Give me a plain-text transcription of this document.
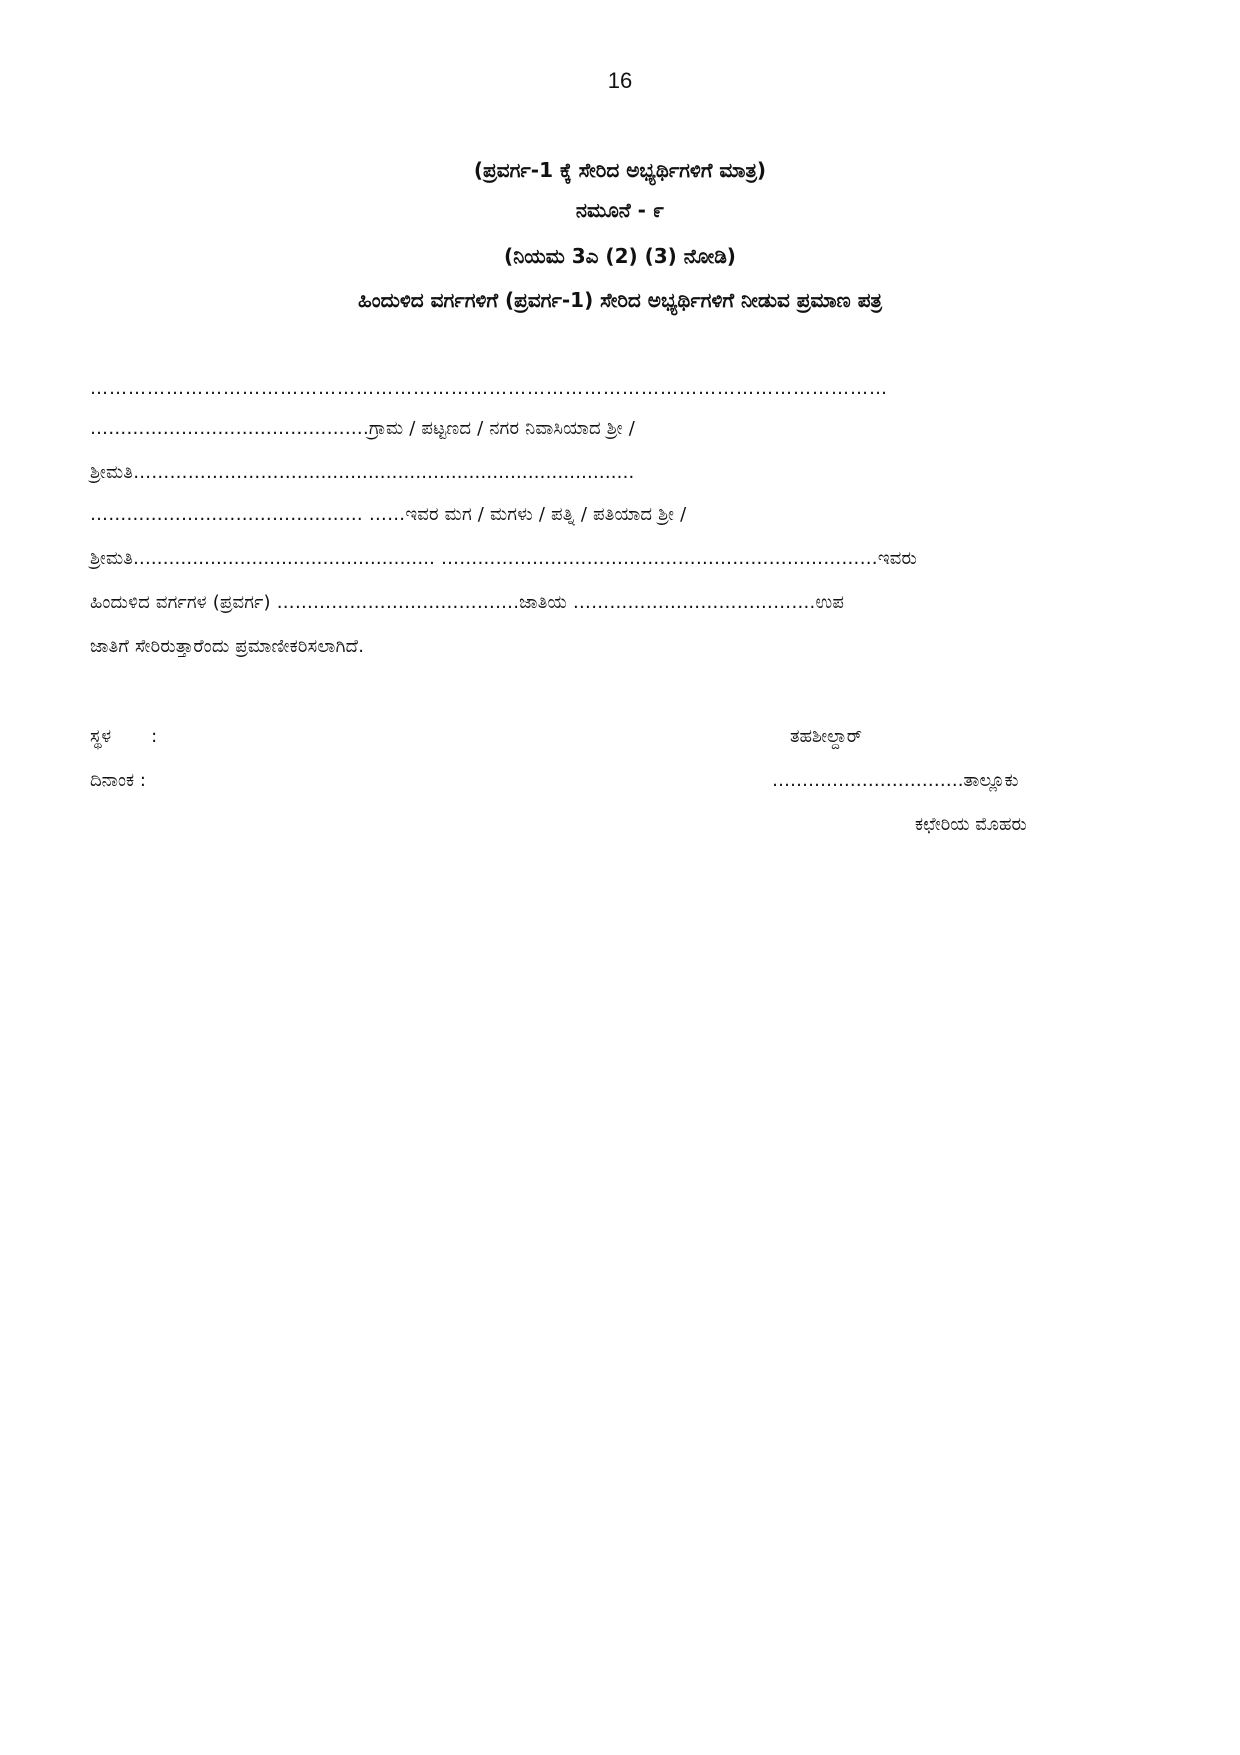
16
(ಪ್ರವರ್ಗ-1 ಕ್ಕೆ ಸೇರಿದ ಅಭ್ಯರ್ಥಿಗಳಿಗೆ ಮಾತ್ರ)
ನಮೂನೆ - ೯
(ನಿಯಮ 3ಎ (2) (3) ನೋಡಿ)
ಹಿಂದುಳಿದ ವರ್ಗಗಳಿಗೆ (ಪ್ರವರ್ಗ-1) ಸೇರಿದ ಅಭ್ಯರ್ಥಿಗಳಿಗೆ ನೀಡುವ ಪ್ರಮಾಣ ಪತ್ರ
………………………………………………………………………………………………………………
……………………………………….ಗ್ರಾಮ / ಪಟ್ಟಣದ / ನಗರ ನಿವಾಸಿಯಾದ ಶ್ರೀ /
ಶ್ರೀಮತಿ……………………….........................................................
……………………………………… ……ಇವರ ಮಗ / ಮಗಳು / ಪತ್ನಿ / ಪತಿಯಾದ ಶ್ರೀ /
ಶ್ರೀಮತಿ................................................... ………………………………………………………………ಇವರು
ಹಿಂದುಳಿದ ವರ್ಗಗಳ (ಪ್ರವರ್ಗ) ………………………………….ಜಾತಿಯ ………………………………….ಉಪ
ಜಾತಿಗೆ ಸೇರಿರುತ್ತಾರೆಂದು ಪ್ರಮಾಣೀಕರಿಸಲಾಗಿದೆ.
ಸ್ಥಳ :
ದಿನಾಂಕ :
ತಹಶೀಲ್ದಾರ್
………….……………….ತಾಲ್ಲೂಕು
ಕಛೇರಿಯ ಮೊಹರು
